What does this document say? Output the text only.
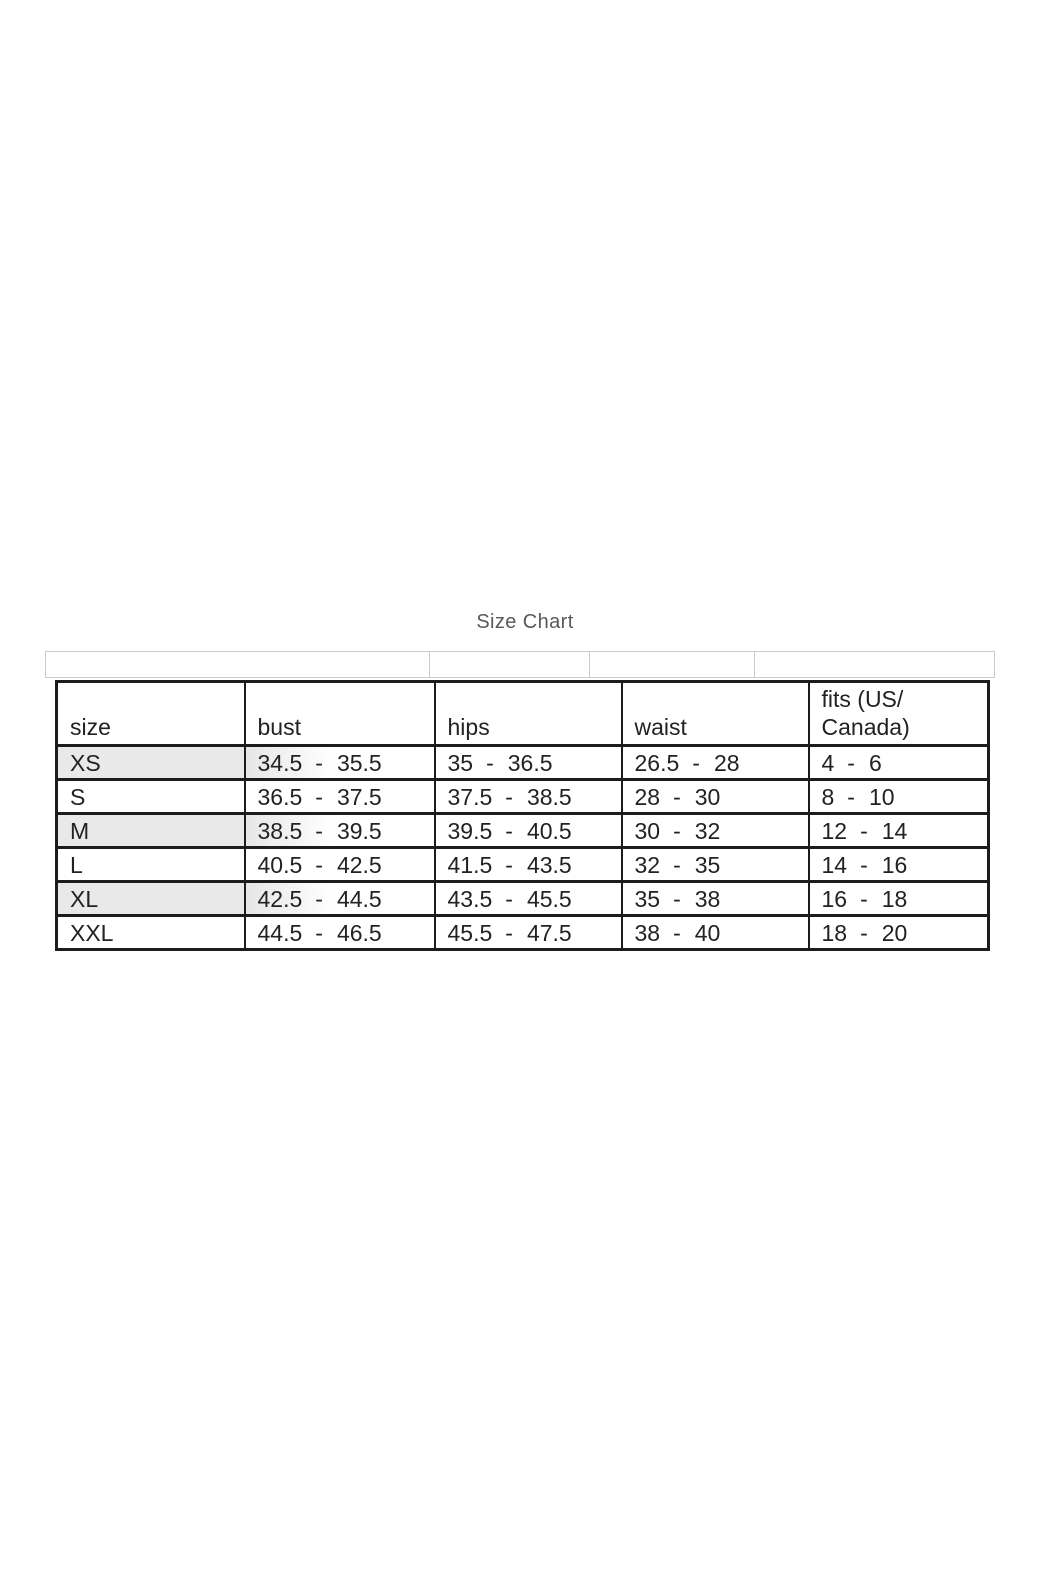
Size Chart
size	bust	hips	waist	fits (US/
Canada)
XS	34.5 - 35.5	35 - 36.5	26.5 - 28	4 - 6
S	36.5 - 37.5	37.5 - 38.5	28 - 30	8 - 10
M	38.5 - 39.5	39.5 - 40.5	30 - 32	12 - 14
L	40.5 - 42.5	41.5 - 43.5	32 - 35	14 - 16
XL	42.5 - 44.5	43.5 - 45.5	35 - 38	16 - 18
XXL	44.5 - 46.5	45.5 - 47.5	38 - 40	18 - 20
